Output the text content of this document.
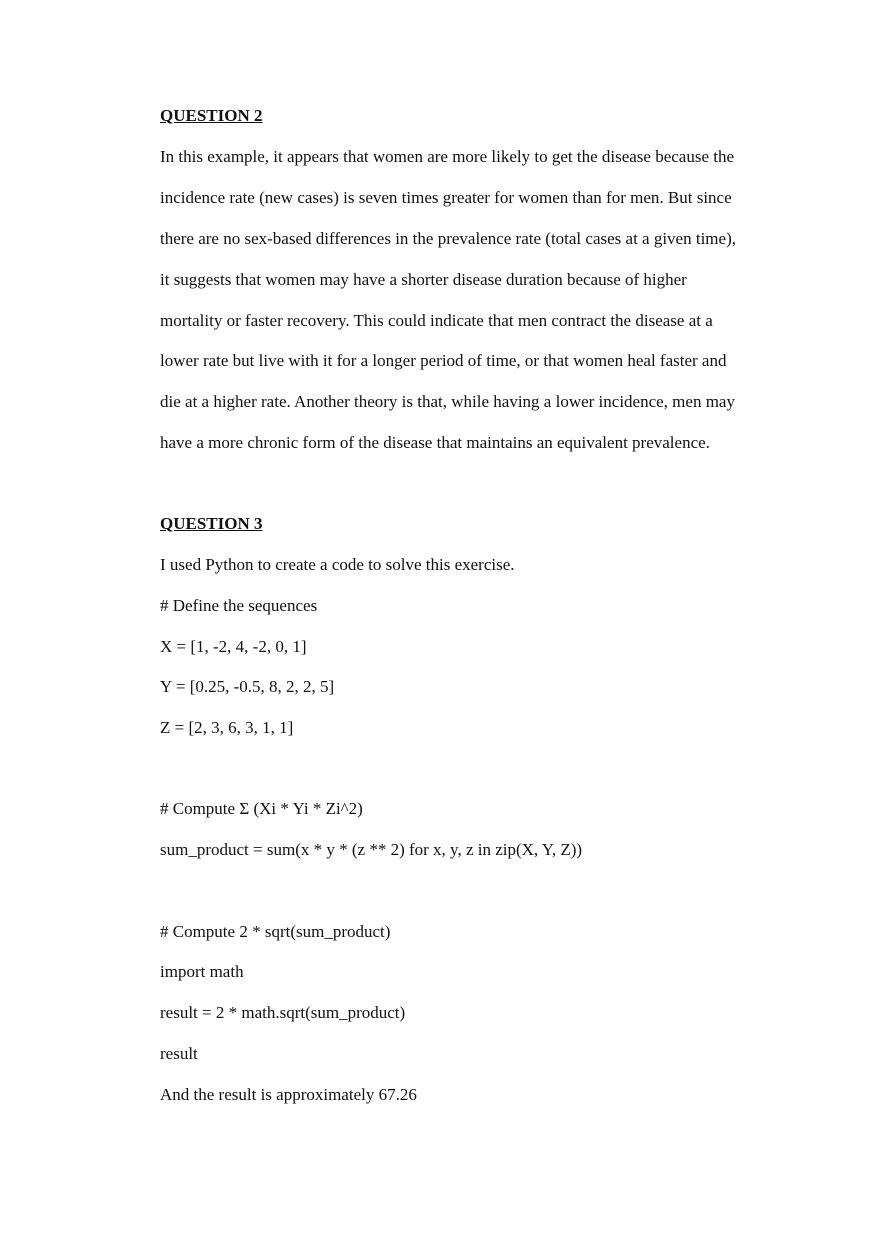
QUESTION 2
In this example, it appears that women are more likely to get the disease because the
incidence rate (new cases) is seven times greater for women than for men. But since
there are no sex-based differences in the prevalence rate (total cases at a given time),
it suggests that women may have a shorter disease duration because of higher
mortality or faster recovery. This could indicate that men contract the disease at a
lower rate but live with it for a longer period of time, or that women heal faster and
die at a higher rate. Another theory is that, while having a lower incidence, men may
have a more chronic form of the disease that maintains an equivalent prevalence.
QUESTION 3
I used Python to create a code to solve this exercise.
# Define the sequences
X = [1, -2, 4, -2, 0, 1]
Y = [0.25, -0.5, 8, 2, 2, 5]
Z = [2, 3, 6, 3, 1, 1]
# Compute Σ (Xi * Yi * Zi^2)
sum_product = sum(x * y * (z ** 2) for x, y, z in zip(X, Y, Z))
# Compute 2 * sqrt(sum_product)
import math
result = 2 * math.sqrt(sum_product)
result
And the result is approximately 67.26
